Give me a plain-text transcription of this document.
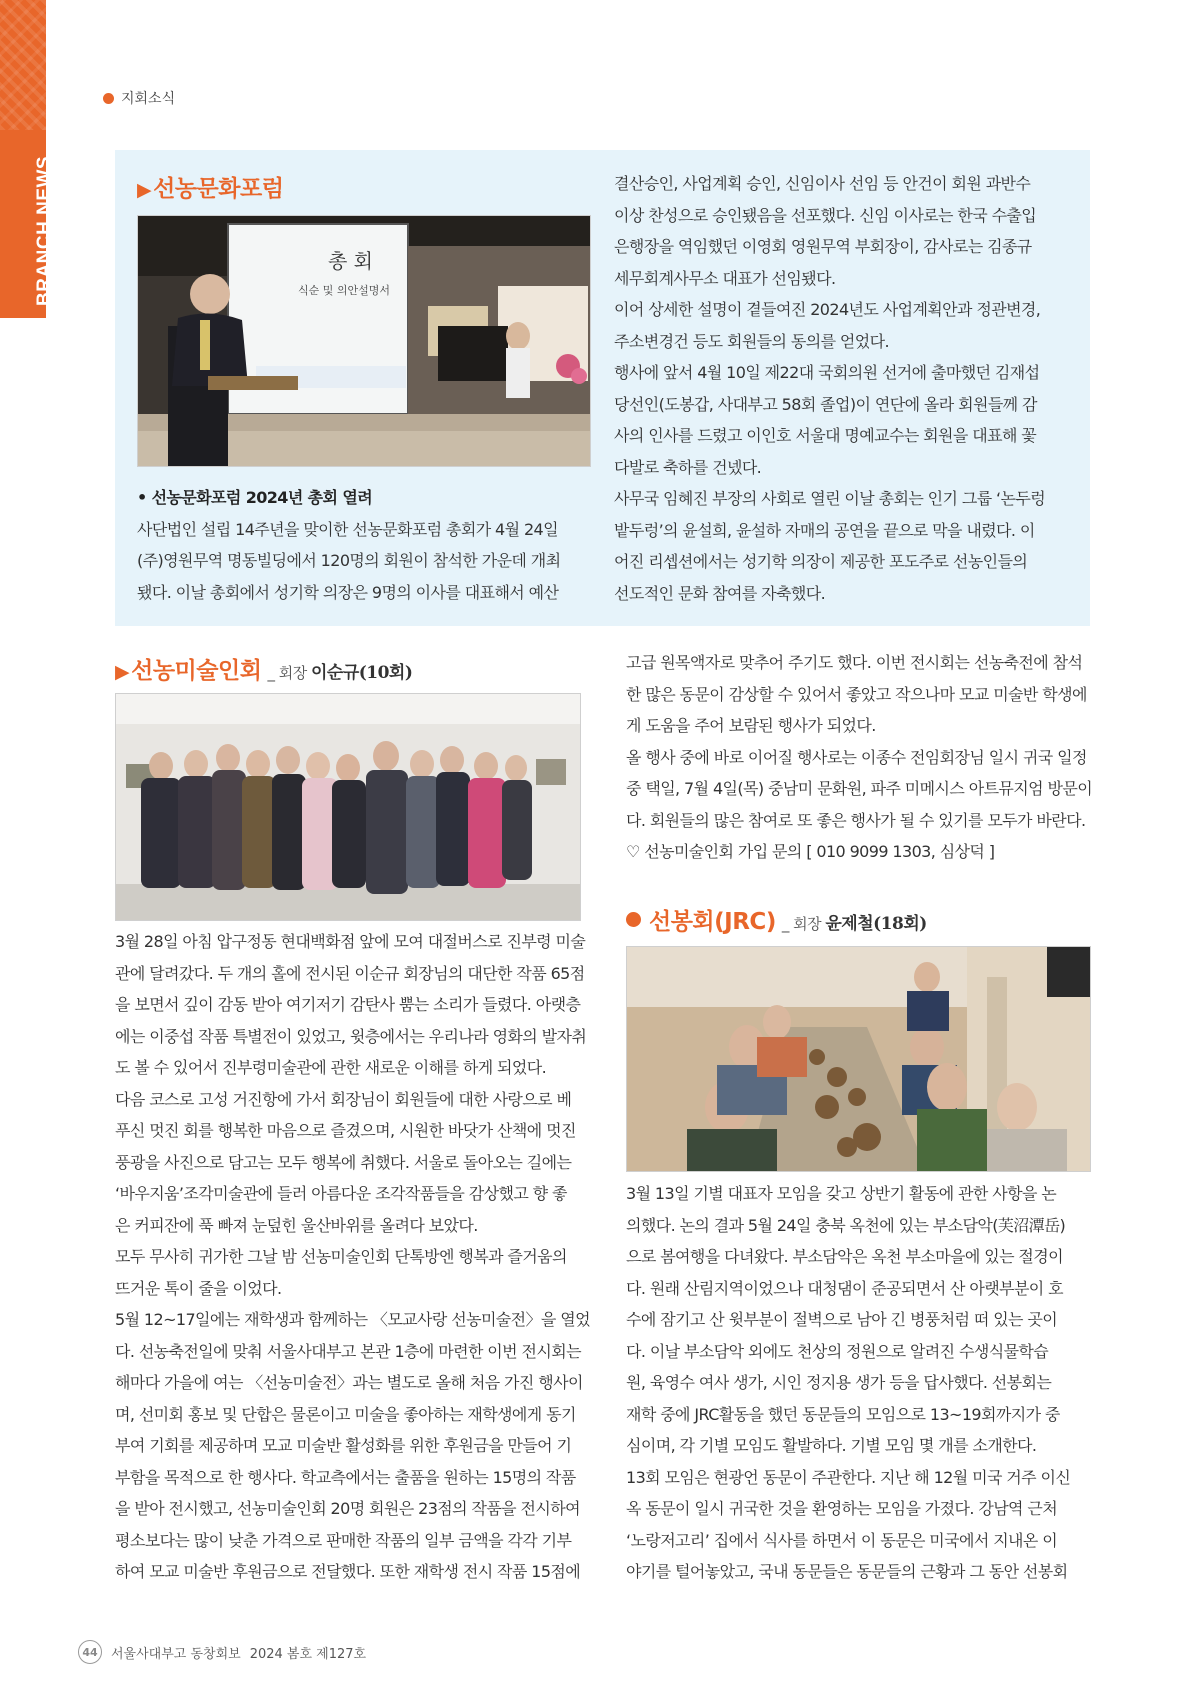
BRANCH NEWS
지회소식
▶ 선농문화포럼
총 회
식순 및 의안설명서

• 선농문화포럼 2024년 총회 열려

사단법인 설립 14주년을 맞이한 선농문화포럼 총회가 4월 24일

(주)영원무역 명동빌딩에서 120명의 회원이 참석한 가운데 개최

됐다. 이날 총회에서 성기학 의장은 9명의 이사를 대표해서 예산

결산승인, 사업계획 승인, 신임이사 선임 등 안건이 회원 과반수

이상 찬성으로 승인됐음을 선포했다. 신임 이사로는 한국 수출입

은행장을 역임했던 이영회 영원무역 부회장이, 감사로는 김종규

세무회계사무소 대표가 선임됐다.

이어 상세한 설명이 곁들여진 2024년도 사업계획안과 정관변경,

주소변경건 등도 회원들의 동의를 얻었다.

행사에 앞서 4월 10일 제22대 국회의원 선거에 출마했던 김재섭

당선인(도봉갑, 사대부고 58회 졸업)이 연단에 올라 회원들께 감

사의 인사를 드렸고 이인호 서울대 명예교수는 회원을 대표해 꽃

다발로 축하를 건넸다.

사무국 임혜진 부장의 사회로 열린 이날 총회는 인기 그룹 ‘논두렁

밭두렁’의 윤설희, 윤설하 자매의 공연을 끝으로 막을 내렸다. 이

어진 리셉션에서는 성기학 의장이 제공한 포도주로 선농인들의

선도적인 문화 참여를 자축했다.

▶ 선농미술인회 _ 회장 이순규(10회)

3월 28일 아침 압구정동 현대백화점 앞에 모여 대절버스로 진부령 미술

관에 달려갔다. 두 개의 홀에 전시된 이순규 회장님의 대단한 작품 65점

을 보면서 깊이 감동 받아 여기저기 감탄사 뿜는 소리가 들렸다. 아랫층

에는 이중섭 작품 특별전이 있었고, 윗층에서는 우리나라 영화의 발자취

도 볼 수 있어서 진부령미술관에 관한 새로운 이해를 하게 되었다.

다음 코스로 고성 거진항에 가서 회장님이 회원들에 대한 사랑으로 베

푸신 멋진 회를 행복한 마음으로 즐겼으며, 시원한 바닷가 산책에 멋진

풍광을 사진으로 담고는 모두 행복에 취했다. 서울로 돌아오는 길에는

‘바우지움’조각미술관에 들러 아름다운 조각작품들을 감상했고 향 좋

은 커피잔에 푹 빠져 눈덮힌 울산바위를 올려다 보았다.

모두 무사히 귀가한 그날 밤 선농미술인회 단톡방엔 행복과 즐거움의

뜨거운 톡이 줄을 이었다.

5월 12~17일에는 재학생과 함께하는 〈모교사랑 선농미술전〉을 열었

다. 선농축전일에 맞춰 서울사대부고 본관 1층에 마련한 이번 전시회는

해마다 가을에 여는 〈선농미술전〉과는 별도로 올해 처음 가진 행사이

며, 선미회 홍보 및 단합은 물론이고 미술을 좋아하는 재학생에게 동기

부여 기회를 제공하며 모교 미술반 활성화를 위한 후원금을 만들어 기

부함을 목적으로 한 행사다. 학교측에서는 출품을 원하는 15명의 작품

을 받아 전시했고, 선농미술인회 20명 회원은 23점의 작품을 전시하여

평소보다는 많이 낮춘 가격으로 판매한 작품의 일부 금액을 각각 기부

하여 모교 미술반 후원금으로 전달했다. 또한 재학생 전시 작품 15점에

고급 원목액자로 맞추어 주기도 했다. 이번 전시회는 선농축전에 참석

한 많은 동문이 감상할 수 있어서 좋았고 작으나마 모교 미술반 학생에

게 도움을 주어 보람된 행사가 되었다.

올 행사 중에 바로 이어질 행사로는 이종수 전임회장님 일시 귀국 일정

중 택일, 7월 4일(목) 중남미 문화원, 파주 미메시스 아트뮤지엄 방문이

다. 회원들의 많은 참여로 또 좋은 행사가 될 수 있기를 모두가 바란다.

♡ 선농미술인회 가입 문의 [ 010 9099 1303, 심상덕 ]

선봉회(JRC) _ 회장 윤제철(18회)

3월 13일 기별 대표자 모임을 갖고 상반기 활동에 관한 사항을 논

의했다. 논의 결과 5월 24일 충북 옥천에 있는 부소담악(芙沼潭岳)

으로 봄여행을 다녀왔다. 부소담악은 옥천 부소마을에 있는 절경이

다. 원래 산림지역이었으나 대청댐이 준공되면서 산 아랫부분이 호

수에 잠기고 산 윗부분이 절벽으로 남아 긴 병풍처럼 떠 있는 곳이

다. 이날 부소담악 외에도 천상의 정원으로 알려진 수생식물학습

원, 육영수 여사 생가, 시인 정지용 생가 등을 답사했다. 선봉회는

재학 중에 JRC활동을 했던 동문들의 모임으로 13~19회까지가 중

심이며, 각 기별 모임도 활발하다. 기별 모임 몇 개를 소개한다.

13회 모임은 현광언 동문이 주관한다. 지난 해 12월 미국 거주 이신

옥 동문이 일시 귀국한 것을 환영하는 모임을 가졌다. 강남역 근처

‘노랑저고리’ 집에서 식사를 하면서 이 동문은 미국에서 지내온 이

야기를 털어놓았고, 국내 동문들은 동문들의 근황과 그 동안 선봉회

44	서울사대부고 동창회보 2024 봄호 제127호
